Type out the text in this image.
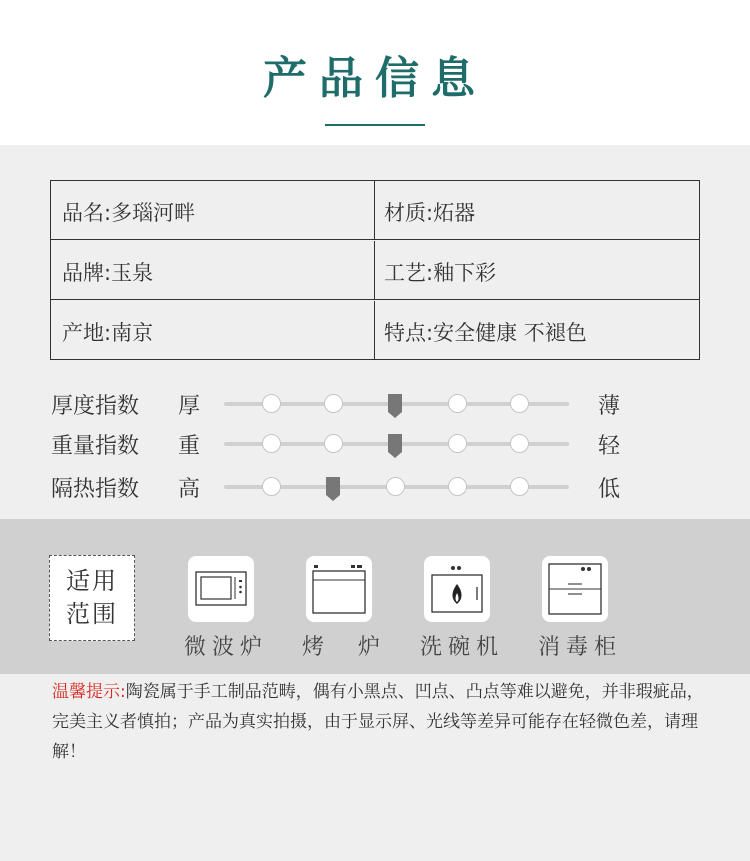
产品信息
品名:多瑙河畔	材质:炻器
品牌:玉泉	工艺:釉下彩
产地:南京	特点:安全健康 不褪色
厚度指数 厚	薄
重量指数 重	轻
隔热指数 高	低
适用
范围
微波炉 烤　炉 洗碗机 消毒柜
温馨提示:陶瓷属于手工制品范畴，偶有小黑点、凹点、凸点等难以避免，并非瑕疵品，完美主义者慎拍；产品为真实拍摄，由于显示屏、光线等差异可能存在轻微色差，请理解！
